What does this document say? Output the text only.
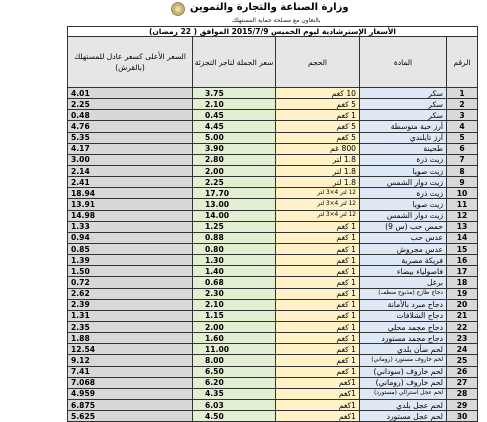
وزارة الصناعة والتجارة والتموين
بالتعاون مع مصلحة حماية المستهلك
الأسعار الإسترشادية ليوم الخميس 2015/7/9 الموافق ( 22 رمضان)				
الرقم	المادة	الحجم	سعر الجملة لتاجر التجزئة	السعر الأعلى كسعر عادل للمستهلك (بالقرش)
1	سكر	10 كغم	3.75	4.01
2	سكر	5 كغم	2.10	2.25
3	سكر	1 كغم	0.45	0.48
4	أرز حبة متوسطة	5 كغم	4.45	4.76
5	أرز تايلندي	5 كغم	5.00	5.35
6	طحينة	800 غم	3.90	4.17
7	زيت ذرة	1.8 لتر	2.80	3.00
8	زيت صويا	1.8 لتر	2.00	2.14
9	زيت دوار الشمس	1.8 لتر	2.25	2.41
10	زيت ذرة	12 لتر 4×3 لتر	17.70	18.94
11	زيت صويا	12 لتر 4×3 لتر	13.00	13.91
12	زيت دوار الشمس	12 لتر 4×3 لتر	14.00	14.98
13	حمص حب (س 9)	1 كغم	1.25	1.33
14	عدس حب	1 كغم	0.88	0.94
15	عدس مجروش	1 كغم	0.80	0.85
16	فريكة مصرية	1 كغم	1.30	1.39
17	فاصولياء بيضاء	1 كغم	1.40	1.50
18	برغل	1 كغم	0.68	0.72
19	دجاج طازج (مذبوح منظف)	1 كغم	2.30	2.62
20	دجاج مبرد بالأمانة	1 كغم	2.10	2.39
21	دجاج الشلافات	1 كغم	1.15	1.31
22	دجاج مجمد محلي	1 كغم	2.00	2.35
23	دجاج مجمد مستورد	1 كغم	1.60	1.88
24	لحم ضأن بلدي	1 كغم	11.00	12.54
25	لحم خاروف مستورد (روماني)	1 كغم	8.00	9.12
26	لحم خاروف (سوداني)	1 كغم	6.50	7.41
27	لحم خاروف (روماني)	1كغم	6.20	7.068
28	لحم عجل استرالي (مستورد)	1كغم	4.35	4.959
29	لحم عجل بلدي	1كغم	6.03	6.875
30	لحم عجل مستورد	1كغم	4.50	5.625
